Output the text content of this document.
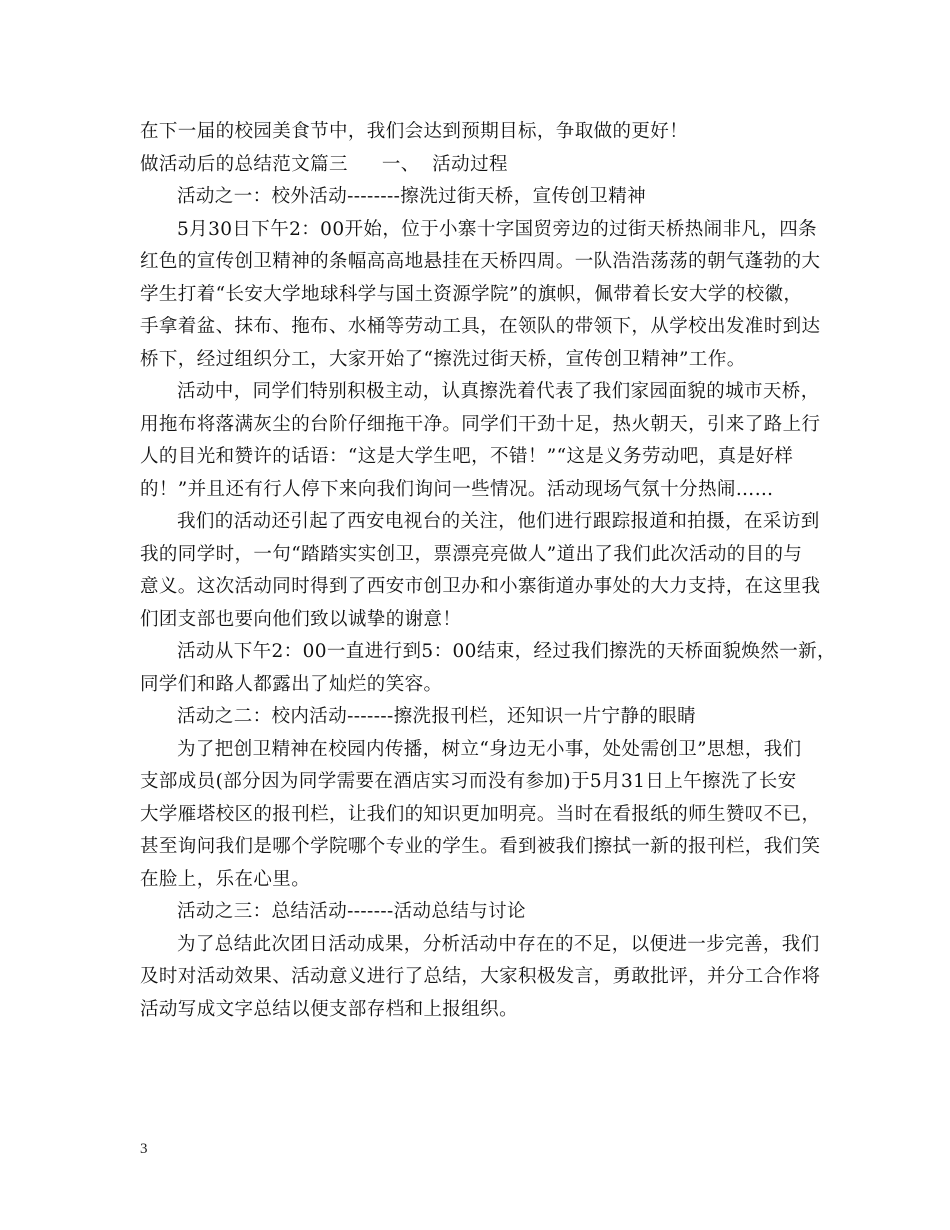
在下一届的校园美食节中，我们会达到预期目标，争取做的更好！
做活动后的总结范文篇三 一、 活动过程
活动之一：校外活动--------擦洗过街天桥，宣传创卫精神
5月30日下午2：00开始，位于小寨十字国贸旁边的过街天桥热闹非凡，四条
红色的宣传创卫精神的条幅高高地悬挂在天桥四周。一队浩浩荡荡的朝气蓬勃的大
学生打着“长安大学地球科学与国土资源学院”的旗帜，佩带着长安大学的校徽，
手拿着盆、抹布、拖布、水桶等劳动工具，在领队的带领下，从学校出发准时到达
桥下，经过组织分工，大家开始了“擦洗过街天桥，宣传创卫精神”工作。
活动中，同学们特别积极主动，认真擦洗着代表了我们家园面貌的城市天桥，
用拖布将落满灰尘的台阶仔细拖干净。同学们干劲十足，热火朝天，引来了路上行
人的目光和赞许的话语：“这是大学生吧，不错！”“这是义务劳动吧，真是好样
的！”并且还有行人停下来向我们询问一些情况。活动现场气氛十分热闹……
我们的活动还引起了西安电视台的关注，他们进行跟踪报道和拍摄，在采访到
我的同学时，一句“踏踏实实创卫，票漂亮亮做人”道出了我们此次活动的目的与
意义。这次活动同时得到了西安市创卫办和小寨街道办事处的大力支持，在这里我
们团支部也要向他们致以诚挚的谢意！
活动从下午2：00一直进行到5：00结束，经过我们擦洗的天桥面貌焕然一新，
同学们和路人都露出了灿烂的笑容。
活动之二：校内活动-------擦洗报刊栏，还知识一片宁静的眼睛
为了把创卫精神在校园内传播，树立“身边无小事，处处需创卫”思想，我们
支部成员(部分因为同学需要在酒店实习而没有参加)于5月31日上午擦洗了长安
大学雁塔校区的报刊栏，让我们的知识更加明亮。当时在看报纸的师生赞叹不已，
甚至询问我们是哪个学院哪个专业的学生。看到被我们擦拭一新的报刊栏，我们笑
在脸上，乐在心里。
活动之三：总结活动-------活动总结与讨论
为了总结此次团日活动成果，分析活动中存在的不足，以便进一步完善，我们
及时对活动效果、活动意义进行了总结，大家积极发言，勇敢批评，并分工合作将
活动写成文字总结以便支部存档和上报组织。
3
